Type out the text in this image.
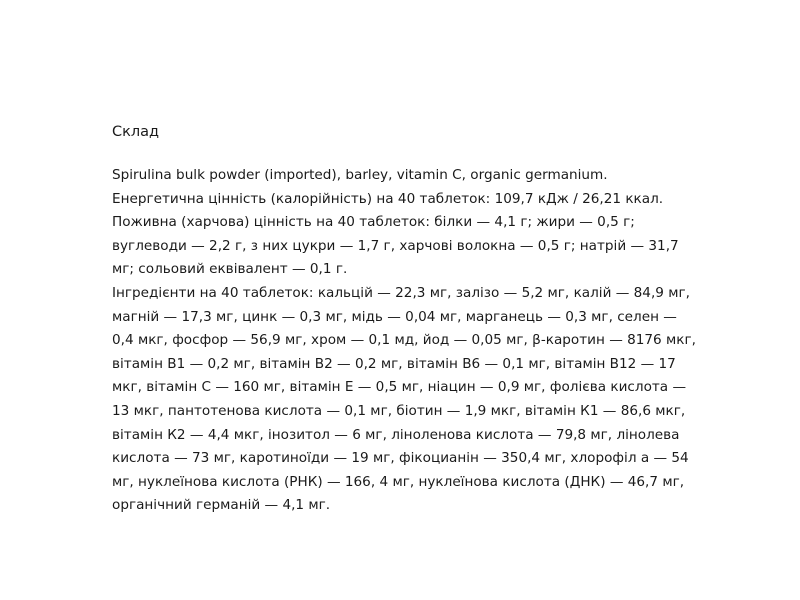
Склад

Spirulina bulk powder (imported), barley, vitamin C, organic germanium.

Енергетична цінність (калорійність) на 40 таблеток: 109,7 кДж / 26,21 ккал.

Поживна (харчова) цінність на 40 таблеток: білки — 4,1 г; жири — 0,5 г; вуглеводи — 2,2 г, з них цукри — 1,7 г, харчові волокна — 0,5 г; натрій — 31,7 мг; сольовий еквівалент — 0,1 г.

Інгредієнти на 40 таблеток: кальцій — 22,3 мг, залізо — 5,2 мг, калій — 84,9 мг, магній — 17,3 мг, цинк — 0,3 мг, мідь — 0,04 мг, марганець — 0,3 мг, селен — 0,4 мкг, фосфор — 56,9 мг, хром — 0,1 мд, йод — 0,05 мг, β-каротин — 8176 мкг, вітамін В1 — 0,2 мг, вітамін В2 — 0,2 мг, вітамін В6 — 0,1 мг, вітамін В12 — 17 мкг, вітамін С — 160 мг, вітамін Е — 0,5 мг, ніацин — 0,9 мг, фолієва кислота — 13 мкг, пантотенова кислота — 0,1 мг, біотин — 1,9 мкг, вітамін К1 — 86,6 мкг, вітамін К2 — 4,4 мкг, інозитол — 6 мг, ліноленова кислота — 79,8 мг, лінолева кислота — 73 мг, каротиноїди — 19 мг, фікоцианін — 350,4 мг, хлорофіл а — 54 мг, нуклеїнова кислота (РНК) — 166, 4 мг, нуклеїнова кислота (ДНК) — 46,7 мг, органічний германій — 4,1 мг.
